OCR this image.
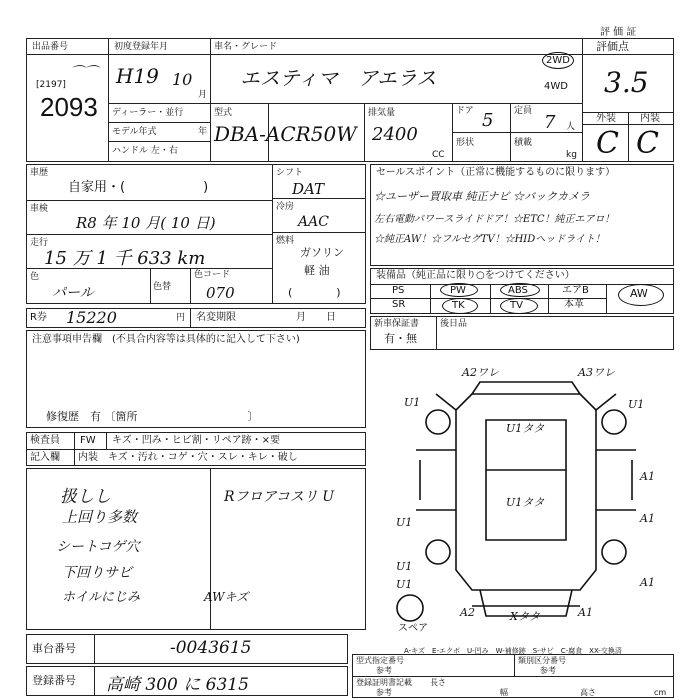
出品番号
[2197]
⌒⌒
2093
初度登録年月
H19 10
月
車名・グレード
エスティマ　アエラス
2WD
4WD
評 価 証
評価点
3.5
外装 内装
C C
ディーラー・並行
モデル年式	年
ハンドル 左・右
型式
DBA-ACR50W
排気量
2400
CC
ドア 5
形状
定員
7 人
積載
kg
車歴
自家用・(　　　　　　)
車検
R8 年 10 月( 10 日)
走行
15 万 1 千 633 km
色
パール	色替
色コード
070
シフト
DAT
冷房
AAC
燃料
ガソリン
軽 油
(　　　　)
R券 15220	円 名変期限	月　　日
注意事項申告欄　(不具合内容等は具体的に記入して下さい)
修復歴　有 〔箇所　　　　　　　　　　〕
セールスポイント（正常に機能するものに限ります）
☆ユーザー買取車 純正ナビ ☆バックカメラ
左右電動パワースライドドア！☆ETC！純正エアロ！
☆純正AW！☆フルセグTV！☆HIDヘッドライト！
装備品（純正品に限り○をつけてください）
PS	PW	ABS	エアB	AW
SR	TK	TV	本革
新車保証書
有・無
後日品
検査員
記入欄
FW キズ・凹み・ヒビ割・リペア跡・×要
内装　キズ・汚れ・コゲ・穴・スレ・キレ・破し
扱しし
上回り多数
シートコゲ穴
下回りサビ
ホイルにじみ
Rフロアコスリ U
AWキズ
A2ワレ	A3ワレ
U1	U1
U1タタ
U1タタ
A1
A1
U1
U1
A2	A1
A1
U1
Xタタ
スペア
A-キズ　E-エクボ　U-凹み　W-補修跡　S-サビ　C-腐食　XX-交換済
車台番号	-0043615
登録番号 高崎 300 に 6315
型式指定番号
参考
類別区分番号
参考
登録証明書記載 長さ
参考	幅	高さ	cm
